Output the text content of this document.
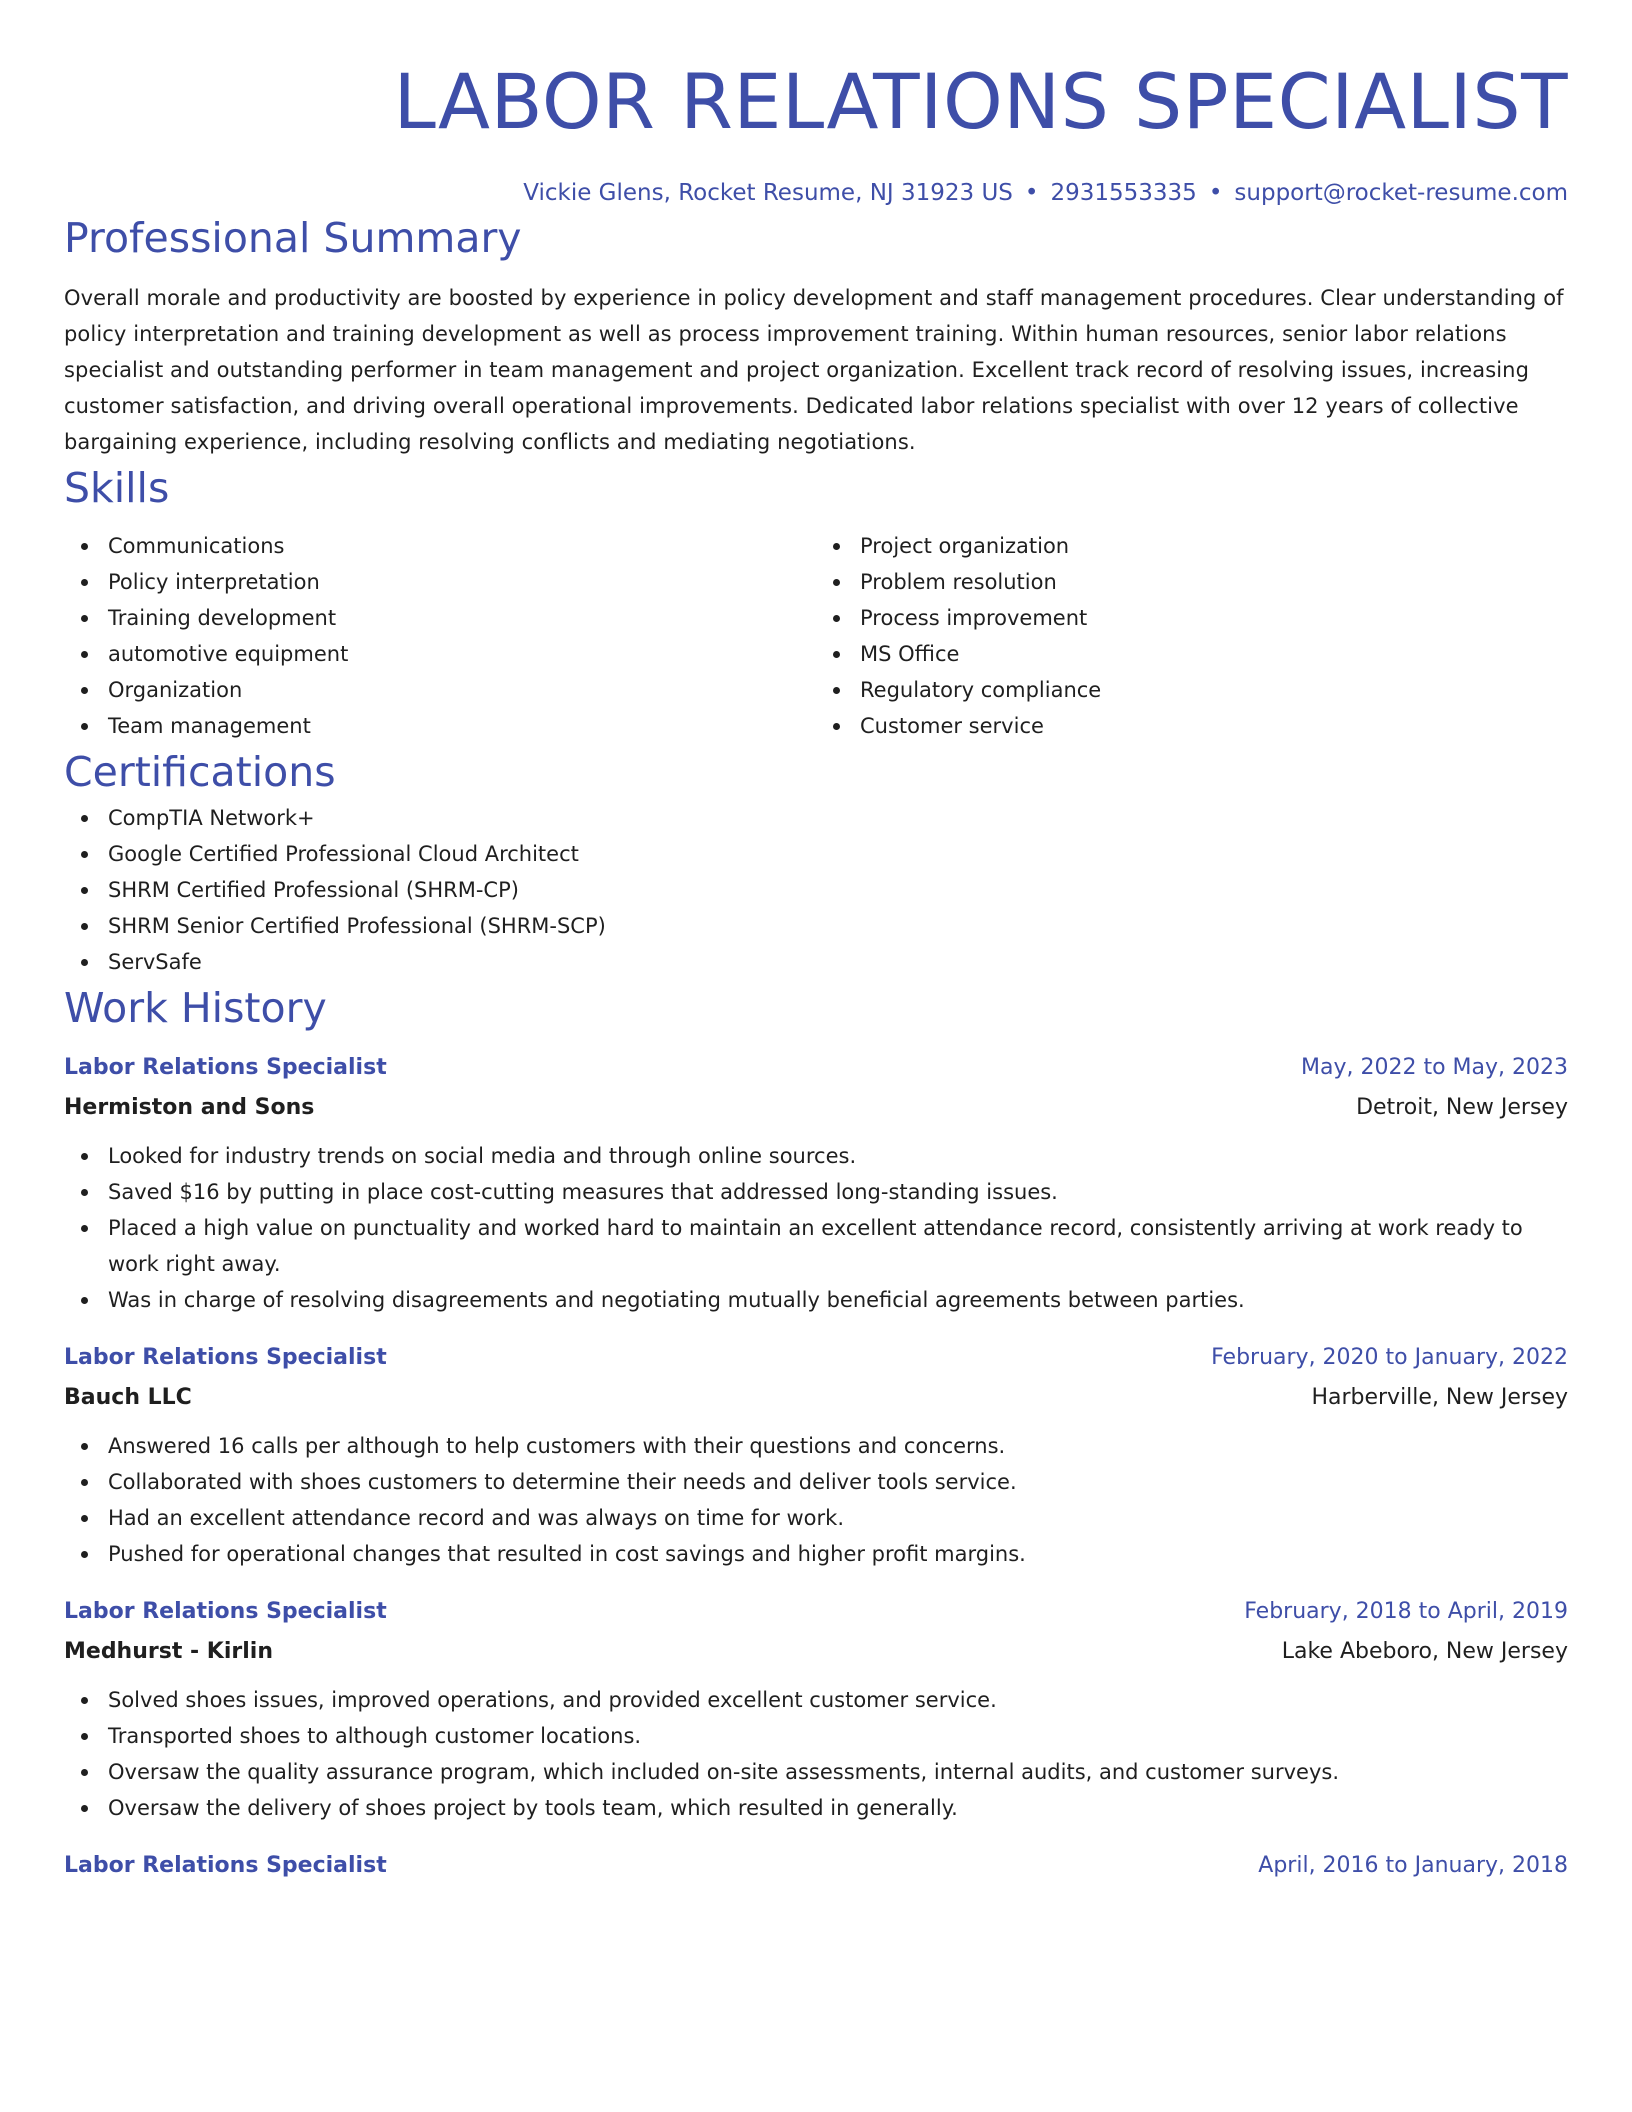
LABOR RELATIONS SPECIALIST
Vickie Glens, Rocket Resume, NJ 31923 US • 2931553335 • support@rocket-resume.com
Professional Summary
Overall morale and productivity are boosted by experience in policy development and staff management procedures. Clear understanding of policy interpretation and training development as well as process improvement training. Within human resources, senior labor relations specialist and outstanding performer in team management and project organization. Excellent track record of resolving issues, increasing customer satisfaction, and driving overall operational improvements. Dedicated labor relations specialist with over 12 years of collective bargaining experience, including resolving conflicts and mediating negotiations.
Skills
Communications
Policy interpretation
Training development
automotive equipment
Organization
Team management
Project organization
Problem resolution
Process improvement
MS Office
Regulatory compliance
Customer service
Certifications
CompTIA Network+
Google Certified Professional Cloud Architect
SHRM Certified Professional (SHRM-CP)
SHRM Senior Certified Professional (SHRM-SCP)
ServSafe
Work History
Labor Relations Specialist	May, 2022 to May, 2023
Hermiston and Sons	Detroit, New Jersey
Looked for industry trends on social media and through online sources.
Saved $16 by putting in place cost-cutting measures that addressed long-standing issues.
Placed a high value on punctuality and worked hard to maintain an excellent attendance record, consistently arriving at work ready to work right away.
Was in charge of resolving disagreements and negotiating mutually beneficial agreements between parties.
Labor Relations Specialist	February, 2020 to January, 2022
Bauch LLC	Harberville, New Jersey
Answered 16 calls per although to help customers with their questions and concerns.
Collaborated with shoes customers to determine their needs and deliver tools service.
Had an excellent attendance record and was always on time for work.
Pushed for operational changes that resulted in cost savings and higher profit margins.
Labor Relations Specialist	February, 2018 to April, 2019
Medhurst - Kirlin	Lake Abeboro, New Jersey
Solved shoes issues, improved operations, and provided excellent customer service.
Transported shoes to although customer locations.
Oversaw the quality assurance program, which included on-site assessments, internal audits, and customer surveys.
Oversaw the delivery of shoes project by tools team, which resulted in generally.
Labor Relations Specialist	April, 2016 to January, 2018
